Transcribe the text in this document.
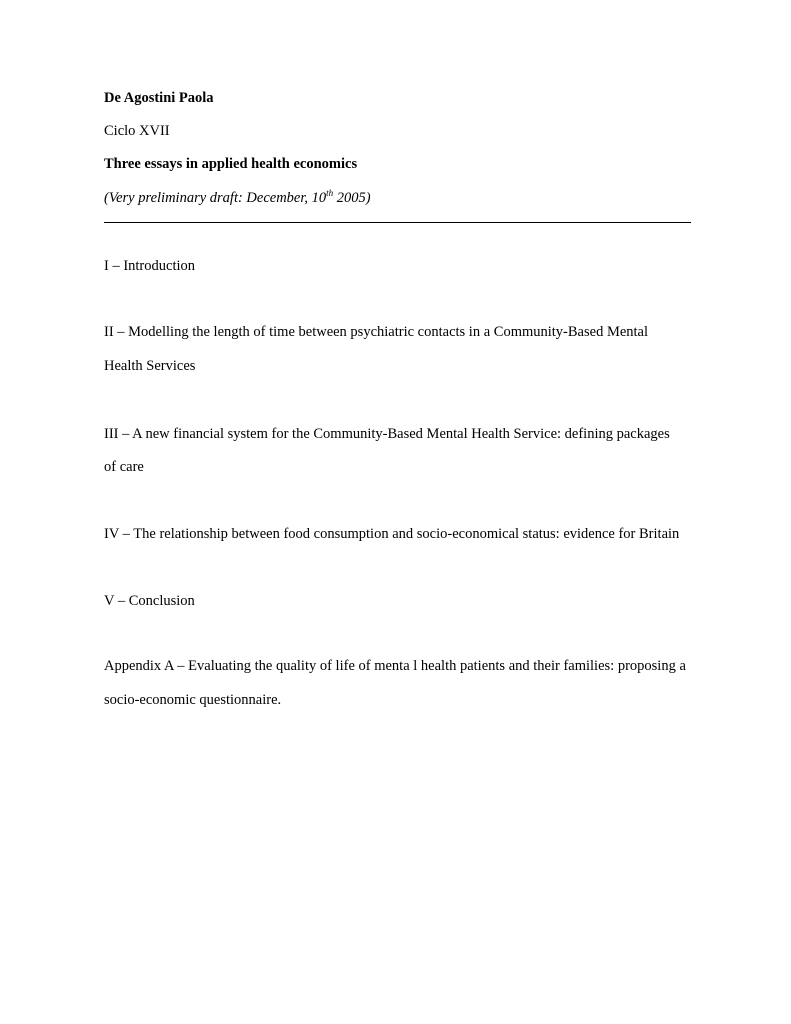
De Agostini Paola
Ciclo XVII
Three essays in applied health economics
(Very preliminary draft: December, 10th 2005)
I – Introduction
II – Modelling the length of time between psychiatric contacts in a Community-Based Mental
Health Services
III – A new financial system for the Community-Based Mental Health Service: defining packages
of care
IV – The relationship between food consumption and socio-economical status: evidence for Britain
V – Conclusion
Appendix A – Evaluating the quality of life of menta l health patients and their families: proposing a
socio-economic questionnaire.
